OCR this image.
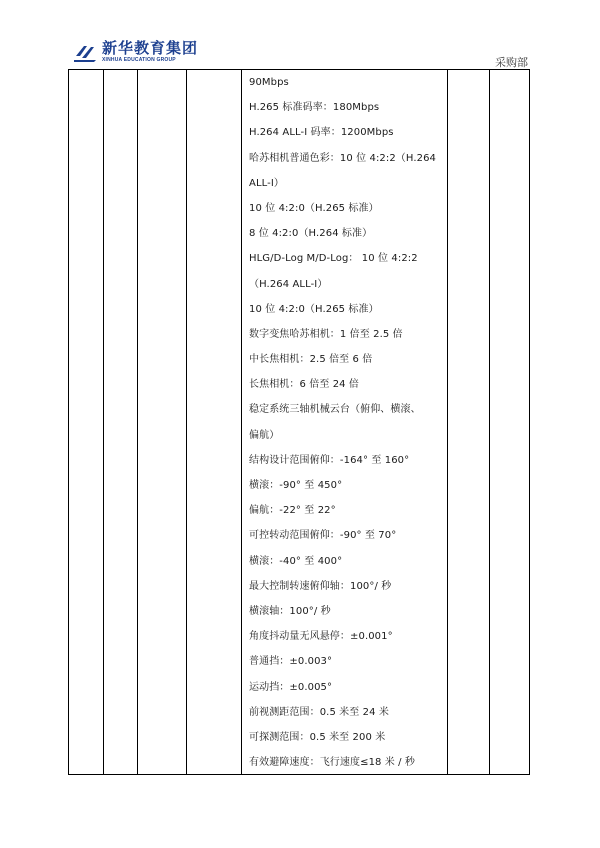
新华教育集团
XINHUA EDUCATION GROUP	采购部
90Mbps
H.265 标准码率：180Mbps
H.264 ALL-I 码率：1200Mbps
哈苏相机普通色彩：10 位 4:2:2（H.264
ALL-I）
10 位 4:2:0（H.265 标准）
8 位 4:2:0（H.264 标准）
HLG/D-Log M/D-Log： 10 位 4:2:2
（H.264 ALL-I）
10 位 4:2:0（H.265 标准）
数字变焦哈苏相机：1 倍至 2.5 倍
中长焦相机：2.5 倍至 6 倍
长焦相机：6 倍至 24 倍
稳定系统三轴机械云台（俯仰、横滚、
偏航）
结构设计范围俯仰：-164° 至 160°
横滚：-90° 至 450°
偏航：-22° 至 22°
可控转动范围俯仰：-90° 至 70°
横滚：-40° 至 400°
最大控制转速俯仰轴：100°/ 秒
横滚轴：100°/ 秒
角度抖动量无风悬停：±0.001°
普通挡：±0.003°
运动挡：±0.005°
前视测距范围：0.5 米至 24 米
可探测范围：0.5 米至 200 米
有效避障速度：飞行速度≤18 米 / 秒
